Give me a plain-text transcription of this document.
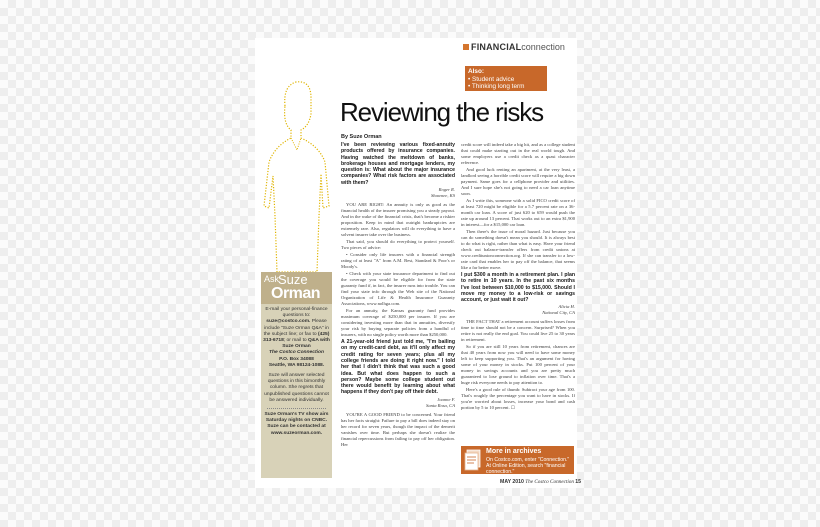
FINANCIALconnection
Also:
• Student advice
• Thinking long term
Ask
Suze
Orman

E-mail your personal-finance questions to: suze@costco.com. Please include "Suze Orman Q&A" in the subject line; or fax to (425) 313-6718; or mail to Q&A with Suze Orman
The Costco Connection
P.O. Box 34088
Seattle, WA 98124-1088.

Suze will answer selected questions in this bimonthly column. She regrets that unpublished questions cannot be answered individually.

Suze Orman's TV show airs Saturday nights on CNBC. Suze can be contacted at www.suzeorman.com.

Reviewing the risks
By Suze Orman

I've been reviewing various fixed-annuity products offered by insurance companies. Having watched the meltdown of banks, brokerage houses and mortgage lenders, my question is: What about the major insurance companies? What risk factors are associated with them?

Roger R.
Shawnee, KS

YOU ARE RIGHT: An annuity is only as good as the financial health of the insurer promising you a steady payout. And in the wake of the financial crisis, that's become a riskier proposition. Keep in mind that outright bankruptcies are extremely rare. Also, regulators will do everything to have a solvent insurer take over the business.

That said, you should do everything to protect yourself. Two pieces of advice:

• Consider only life insurers with a financial strength rating of at least "A" from A.M. Best, Standard & Poor's or Moody's.

• Check with your state insurance department to find out the coverage you would be eligible for from the state guaranty fund if, in fact, the insurer runs into trouble. You can find your state info through the Web site of the National Organization of Life & Health Insurance Guaranty Associations, www.nolhga.com.

For an annuity, the Kansas guaranty fund provides maximum coverage of $250,000 per insurer. If you are considering investing more than that in annuities, diversify your risk by buying separate policies from a handful of insurers, with no single policy worth more than $250,000.

A 21-year-old friend just told me, "I'm bailing on my credit-card debt, as it'll only affect my credit rating for seven years; plus all my college friends are doing it right now." I told her that I didn't think that was such a good idea. But what does happen to such a person? Maybe some college student out there would benefit by learning about what happens if they don't pay off their debt.

Joanne F.
Santa Rosa, CA

YOU'RE A GOOD FRIEND to be concerned. Your friend has her facts straight: Failure to pay a bill does indeed stay on her record for seven years, though the impact of the demerit vanishes over time. But perhaps she doesn't realize the financial repercussions from failing to pay off her obligation. Her

credit score will indeed take a big hit, and as a college student that could make starting out in the real world tough. And some employers use a credit check as a quasi character reference.

And good luck renting an apartment, at the very least, a landlord seeing a horrible credit score will require a big down payment. Same goes for a cellphone provider and utilities. And I sure hope she's not going to need a car loan anytime soon.

As I write this, someone with a solid FICO credit score of at least 720 might be eligible for a 5.7 percent rate on a 36-month car loan. A score of just 620 to 659 would push the rate up around 13 percent. That works out to an extra $1,900 in interest—for a $15,000 car loan.

Then there's the issue of moral hazard. Just because you can do something doesn't mean you should. It is always best to do what is right, rather than what is easy. Have your friend check out balance-transfer offers from credit unions at www.creditunionconnection.org. If she can transfer to a low-rate card that enables her to pay off the balance, that seems like a far better move.

I put $300 a month in a retirement plan. I plan to retire in 10 years. In the past six months I've lost between $10,000 to $15,000. Should I move my money to a low-risk or savings account, or just wait it out?

Alicia H.
National City, CA

THE FACT THAT a retirement account suffers losses from time to time should not be a concern. Surprised? When you retire is not really the end goal. You could live 25 to 30 years in retirement.

So if you are still 10 years from retirement, chances are that 40 years from now you will need to have some money left to keep supporting you. That's an argument for having some of your money in stocks. Put 100 percent of your money in savings accounts and you are pretty much guaranteed to lose ground to inflation over time. That's a huge risk everyone needs to pay attention to.

Here's a good rule of thumb: Subtract your age from 100. That's roughly the percentage you want to have in stocks. If you're worried about losses, increase your bond and cash portion by 5 to 10 percent. ☐

More in archives
On Costco.com, enter "Connection." At Online Edition, search "financial connection."
MAY 2010 The Costco Connection 15
